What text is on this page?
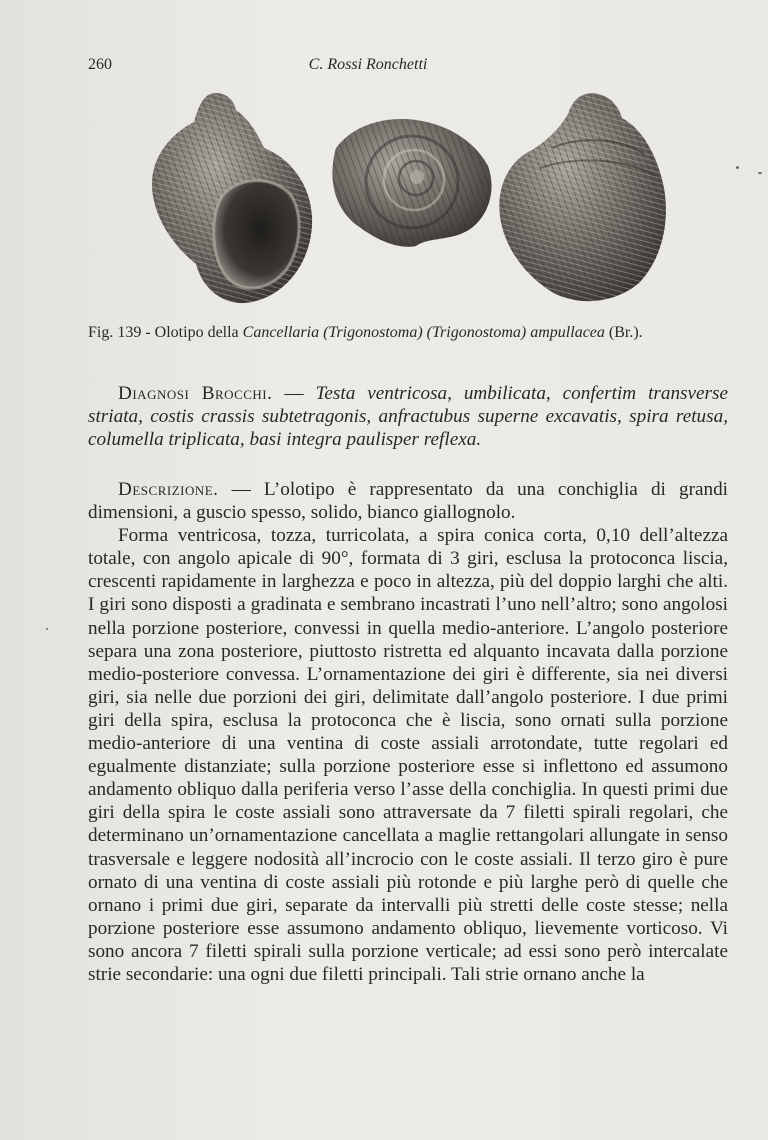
260	C. Rossi Ronchetti
Fig. 139 - Olotipo della Cancellaria (Trigonostoma) (Trigonostoma) ampullacea (Br.).
Diagnosi Brocchi. — Testa ventricosa, umbilicata, confertim transverse striata, costis crassis subtetragonis, anfractubus superne excavatis, spira retusa, columella triplicata, basi integra paulisper reflexa.

Descrizione. — L’olotipo è rappresentato da una conchiglia di grandi dimensioni, a guscio spesso, solido, bianco giallognolo.

Forma ventricosa, tozza, turricolata, a spira conica corta, 0,10 dell’altezza totale, con angolo apicale di 90°, formata di 3 giri, esclusa la protoconca liscia, crescenti rapidamente in larghezza e poco in altezza, più del doppio larghi che alti. I giri sono disposti a gradinata e sembrano incastrati l’uno nell’altro; sono angolosi nella porzione posteriore, convessi in quella medio-anteriore. L’angolo posteriore separa una zona posteriore, piuttosto ristretta ed alquanto incavata dalla porzione medio-posteriore convessa. L’ornamentazione dei giri è differente, sia nei diversi giri, sia nelle due porzioni dei giri, delimitate dall’angolo posteriore. I due primi giri della spira, esclusa la protoconca che è liscia, sono ornati sulla porzione medio-anteriore di una ventina di coste assiali arrotondate, tutte regolari ed egualmente distanziate; sulla porzione posteriore esse si inflettono ed assumono andamento obliquo dalla periferia verso l’asse della conchiglia. In questi primi due giri della spira le coste assiali sono attraversate da 7 filetti spirali regolari, che determinano un’ornamentazione cancellata a maglie rettangolari allungate in senso trasversale e leggere nodosità all’incrocio con le coste assiali. Il terzo giro è pure ornato di una ventina di coste assiali più rotonde e più larghe però di quelle che ornano i primi due giri, separate da intervalli più stretti delle coste stesse; nella porzione posteriore esse assumono andamento obliquo, lievemente vorticoso. Vi sono ancora 7 filetti spirali sulla porzione verticale; ad essi sono però intercalate strie secondarie: una ogni due filetti principali. Tali strie ornano anche la
